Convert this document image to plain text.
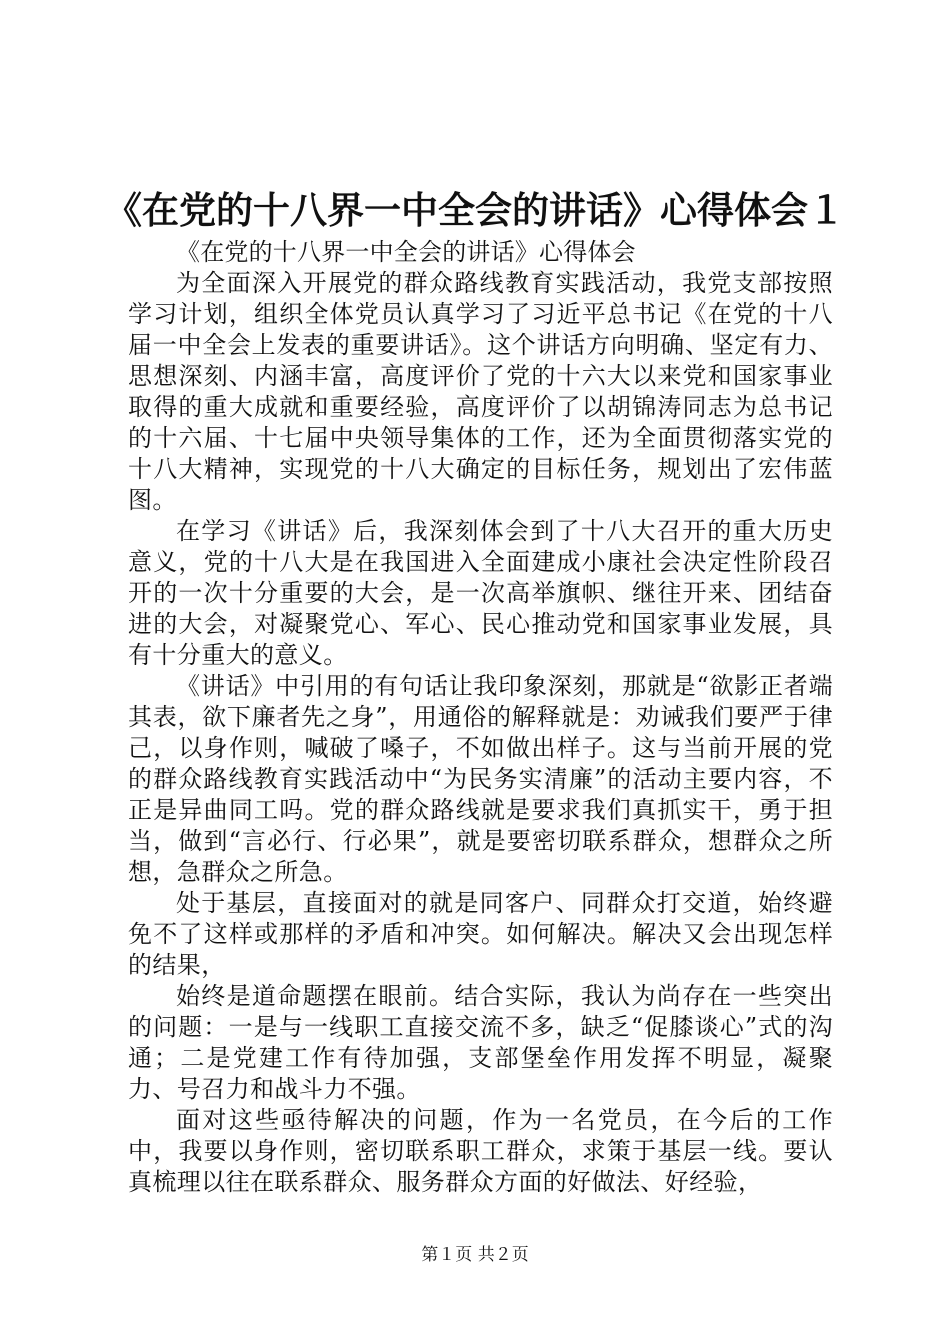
《在党的十八界一中全会的讲话》心得体会１

《在党的十八界一中全会的讲话》心得体会

为全面深入开展党的群众路线教育实践活动，我党支部按照学习计划，组织全体党员认真学习了习近平总书记《在党的十八届一中全会上发表的重要讲话》。这个讲话方向明确、坚定有力、思想深刻、内涵丰富，高度评价了党的十六大以来党和国家事业取得的重大成就和重要经验，高度评价了以胡锦涛同志为总书记的十六届、十七届中央领导集体的工作，还为全面贯彻落实党的十八大精神，实现党的十八大确定的目标任务，规划出了宏伟蓝图。

在学习《讲话》后，我深刻体会到了十八大召开的重大历史意义，党的十八大是在我国进入全面建成小康社会决定性阶段召开的一次十分重要的大会，是一次高举旗帜、继往开来、团结奋进的大会，对凝聚党心、军心、民心推动党和国家事业发展，具有十分重大的意义。

《讲话》中引用的有句话让我印象深刻，那就是“欲影正者端其表，欲下廉者先之身”，用通俗的解释就是：劝诫我们要严于律己，以身作则，喊破了嗓子，不如做出样子。这与当前开展的党的群众路线教育实践活动中“为民务实清廉”的活动主要内容，不正是异曲同工吗。党的群众路线就是要求我们真抓实干，勇于担当，做到“言必行、行必果”，就是要密切联系群众，想群众之所想，急群众之所急。

处于基层，直接面对的就是同客户、同群众打交道，始终避免不了这样或那样的矛盾和冲突。如何解决。解决又会出现怎样的结果，

始终是道命题摆在眼前。结合实际，我认为尚存在一些突出的问题：一是与一线职工直接交流不多，缺乏“促膝谈心”式的沟通；二是党建工作有待加强，支部堡垒作用发挥不明显，凝聚力、号召力和战斗力不强。

面对这些亟待解决的问题，作为一名党员，在今后的工作中，我要以身作则，密切联系职工群众，求策于基层一线。要认真梳理以往在联系群众、服务群众方面的好做法、好经验，

第１页 共２页
